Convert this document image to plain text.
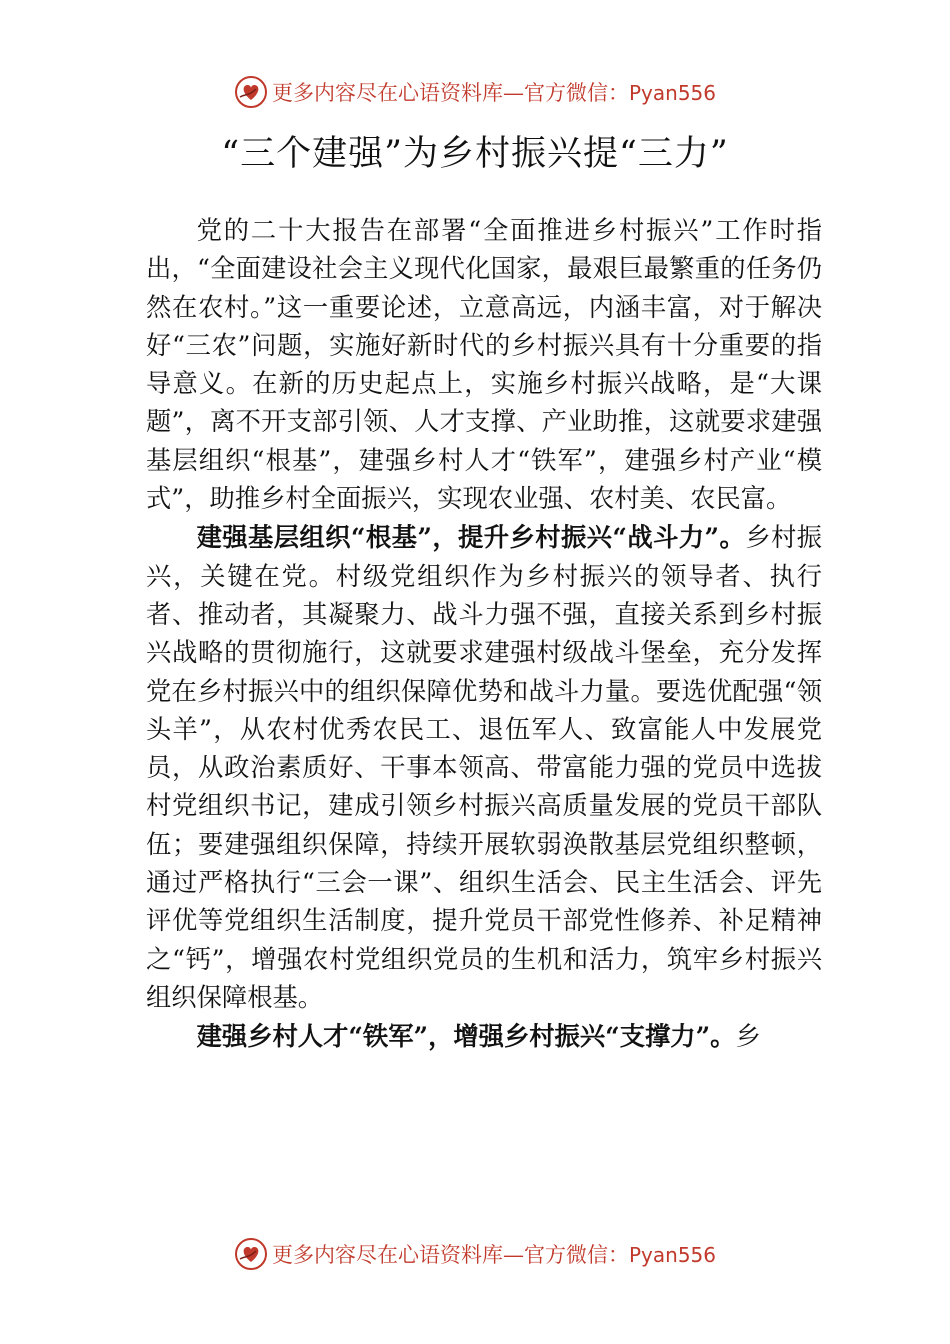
更多内容尽在心语资料库—官方微信：Pyan556
“三个建强”为乡村振兴提“三力”

党的二十大报告在部署“全面推进乡村振兴”工作时指出，“全面建设社会主义现代化国家，最艰巨最繁重的任务仍然在农村。”这一重要论述，立意高远，内涵丰富，对于解决好“三农”问题，实施好新时代的乡村振兴具有十分重要的指导意义。在新的历史起点上，实施乡村振兴战略，是“大课题”，离不开支部引领、人才支撑、产业助推，这就要求建强基层组织“根基”，建强乡村人才“铁军”，建强乡村产业“模式”，助推乡村全面振兴，实现农业强、农村美、农民富。

建强基层组织“根基”，提升乡村振兴“战斗力”。乡村振兴，关键在党。村级党组织作为乡村振兴的领导者、执行者、推动者，其凝聚力、战斗力强不强，直接关系到乡村振兴战略的贯彻施行，这就要求建强村级战斗堡垒，充分发挥党在乡村振兴中的组织保障优势和战斗力量。要选优配强“领头羊”，从农村优秀农民工、退伍军人、致富能人中发展党员，从政治素质好、干事本领高、带富能力强的党员中选拔村党组织书记，建成引领乡村振兴高质量发展的党员干部队伍；要建强组织保障，持续开展软弱涣散基层党组织整顿，通过严格执行“三会一课”、组织生活会、民主生活会、评先评优等党组织生活制度，提升党员干部党性修养、补足精神之“钙”，增强农村党组织党员的生机和活力，筑牢乡村振兴组织保障根基。

建强乡村人才“铁军”，增强乡村振兴“支撑力”。乡

更多内容尽在心语资料库—官方微信：Pyan556
